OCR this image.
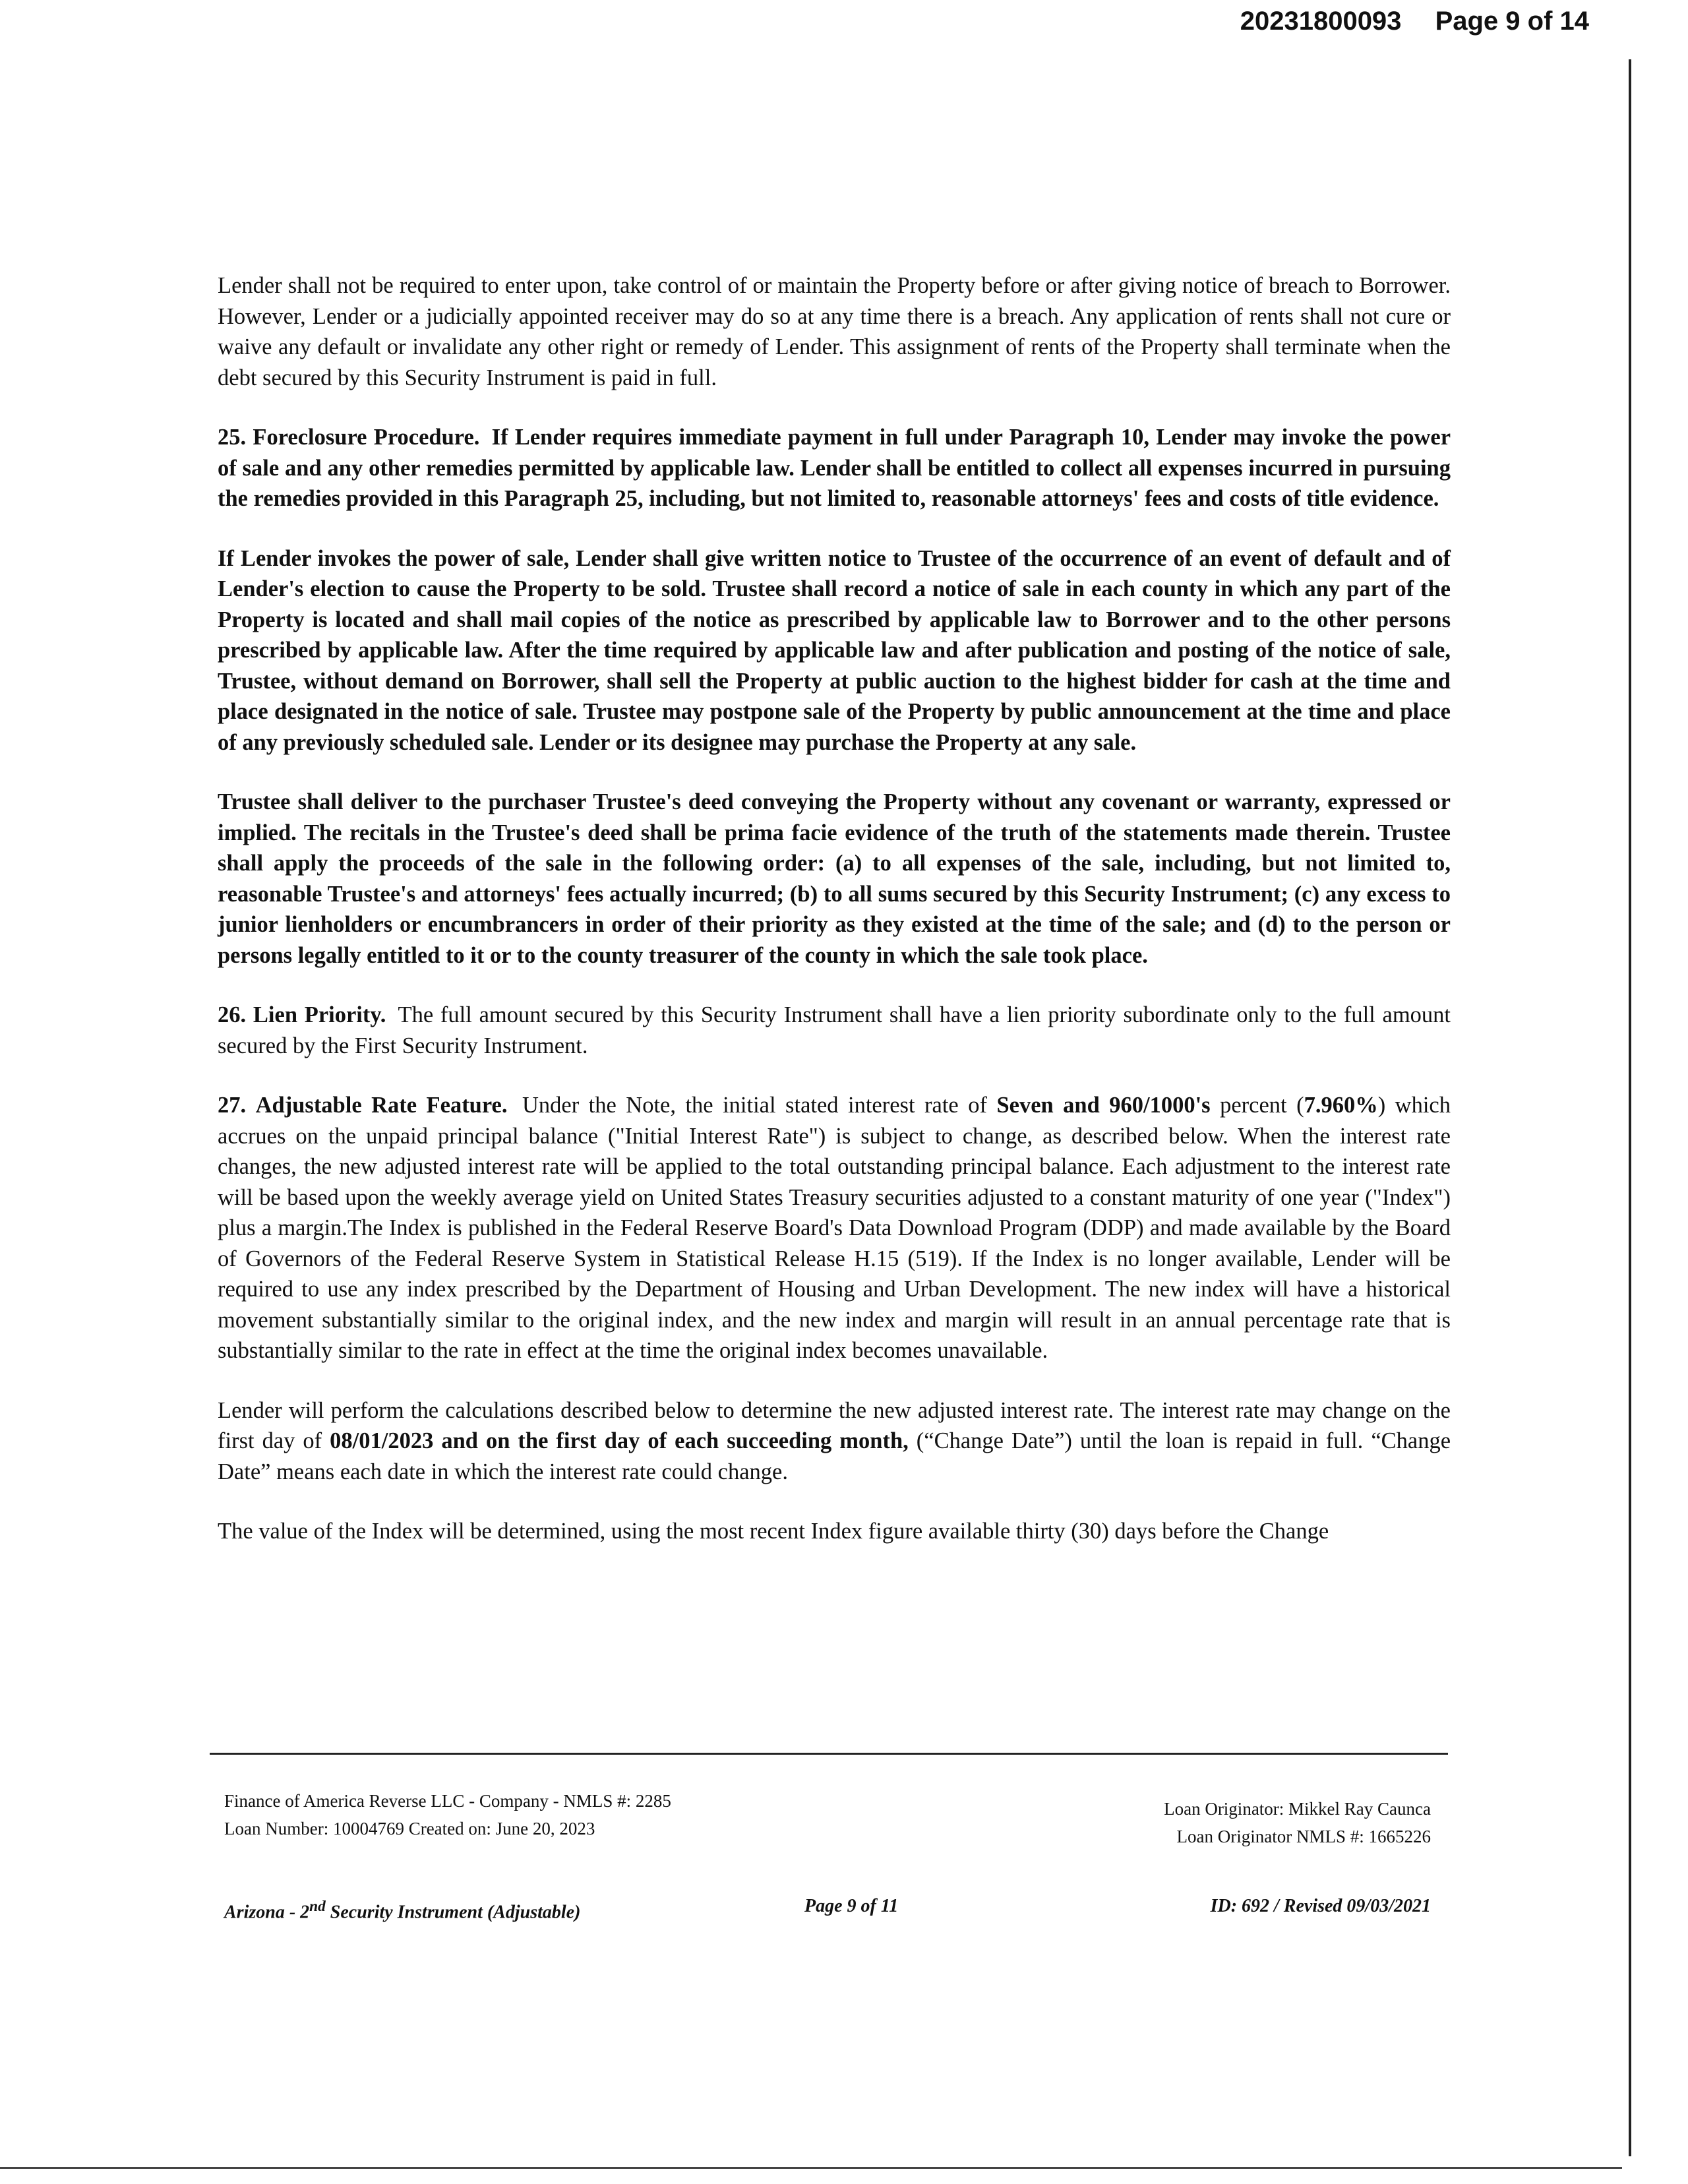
20231800093 Page 9 of 14

Lender shall not be required to enter upon, take control of or maintain the Property before or after giving notice of breach to Borrower. However, Lender or a judicially appointed receiver may do so at any time there is a breach. Any application of rents shall not cure or waive any default or invalidate any other right or remedy of Lender. This assignment of rents of the Property shall terminate when the debt secured by this Security Instrument is paid in full.

25. Foreclosure Procedure. If Lender requires immediate payment in full under Paragraph 10, Lender may invoke the power of sale and any other remedies permitted by applicable law. Lender shall be entitled to collect all expenses incurred in pursuing the remedies provided in this Paragraph 25, including, but not limited to, reasonable attorneys' fees and costs of title evidence.

If Lender invokes the power of sale, Lender shall give written notice to Trustee of the occurrence of an event of default and of Lender's election to cause the Property to be sold. Trustee shall record a notice of sale in each county in which any part of the Property is located and shall mail copies of the notice as prescribed by applicable law to Borrower and to the other persons prescribed by applicable law. After the time required by applicable law and after publication and posting of the notice of sale, Trustee, without demand on Borrower, shall sell the Property at public auction to the highest bidder for cash at the time and place designated in the notice of sale. Trustee may postpone sale of the Property by public announcement at the time and place of any previously scheduled sale. Lender or its designee may purchase the Property at any sale.

Trustee shall deliver to the purchaser Trustee's deed conveying the Property without any covenant or warranty, expressed or implied. The recitals in the Trustee's deed shall be prima facie evidence of the truth of the statements made therein. Trustee shall apply the proceeds of the sale in the following order: (a) to all expenses of the sale, including, but not limited to, reasonable Trustee's and attorneys' fees actually incurred; (b) to all sums secured by this Security Instrument; (c) any excess to junior lienholders or encumbrancers in order of their priority as they existed at the time of the sale; and (d) to the person or persons legally entitled to it or to the county treasurer of the county in which the sale took place.

26. Lien Priority. The full amount secured by this Security Instrument shall have a lien priority subordinate only to the full amount secured by the First Security Instrument.

27. Adjustable Rate Feature. Under the Note, the initial stated interest rate of Seven and 960/1000's percent (7.960%) which accrues on the unpaid principal balance ("Initial Interest Rate") is subject to change, as described below. When the interest rate changes, the new adjusted interest rate will be applied to the total outstanding principal balance. Each adjustment to the interest rate will be based upon the weekly average yield on United States Treasury securities adjusted to a constant maturity of one year ("Index") plus a margin.The Index is published in the Federal Reserve Board's Data Download Program (DDP) and made available by the Board of Governors of the Federal Reserve System in Statistical Release H.15 (519). If the Index is no longer available, Lender will be required to use any index prescribed by the Department of Housing and Urban Development. The new index will have a historical movement substantially similar to the original index, and the new index and margin will result in an annual percentage rate that is substantially similar to the rate in effect at the time the original index becomes unavailable.

Lender will perform the calculations described below to determine the new adjusted interest rate. The interest rate may change on the first day of 08/01/2023 and on the first day of each succeeding month, (“Change Date”) until the loan is repaid in full. “Change Date” means each date in which the interest rate could change.

The value of the Index will be determined, using the most recent Index figure available thirty (30) days before the Change

Finance of America Reverse LLC - Company - NMLS #: 2285
Loan Number: 10004769 Created on: June 20, 2023
Loan Originator: Mikkel Ray Caunca
Loan Originator NMLS #: 1665226
Arizona - 2nd Security Instrument (Adjustable)	Page 9 of 11	ID: 692 / Revised 09/03/2021
